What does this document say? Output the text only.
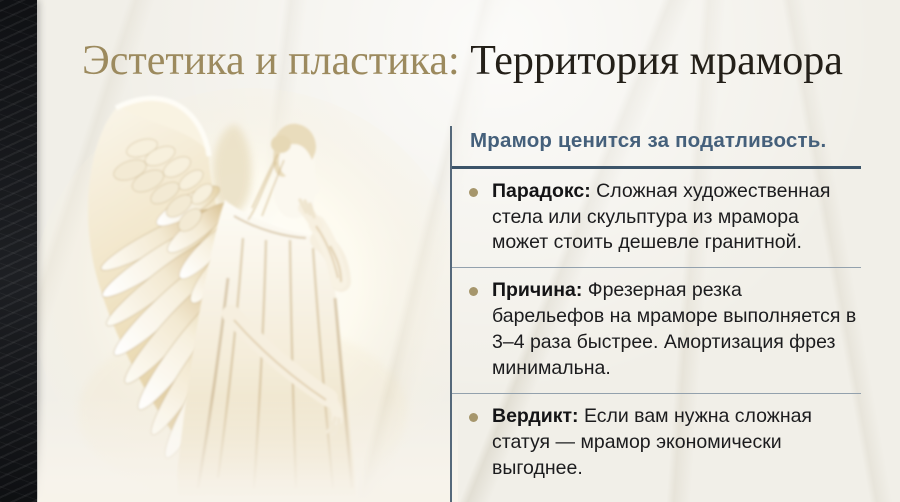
Эстетика и пластика: Территория мрамора
Мрамор ценится за податливость.

Парадокс: Сложная художественная стела или скульптура из мрамора может стоить дешевле гранитной.

Причина: Фрезерная резка барельефов на мраморе выполняется в 3–4 раза быстрее. Амортизация фрез минимальна.

Вердикт: Если вам нужна сложная статуя — мрамор экономически выгоднее.
